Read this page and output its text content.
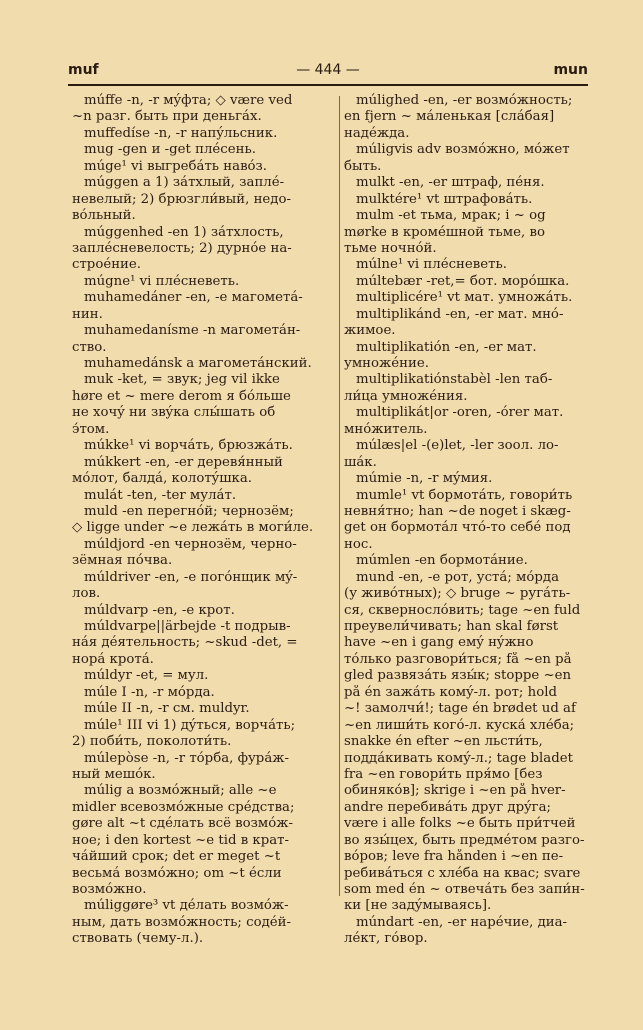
muf	— 444 —	mun
múffe -n, -r мýфта; ◇ være ved
~n разг. быть при деньгáх.
muffedíse -n, -r напýльсник.
mug -gen и -get плéсень.
múge¹ vi выгребáть навóз.
múggen a 1) зáтхлый, заплé-
невелый; 2) брюзгли́вый, недо-
вóльный.
múggenhed -en 1) зáтхлость,
заплéсневелость; 2) дурнóе на-
строéние.
múgne¹ vi плéсневеть.
muhamedáner -en, -e магометá-
нин.
muhamedanísme -n магометáн-
ство.
muhamedánsk a магометáнский.
muk -ket, = звук; jeg vil ikke
høre et ~ mere derom я бóльше
не хочý ни звýка слы́шать об
э́том.
múkke¹ vi ворчáть, брюзжáть.
múkkert -en, -er деревя́нный
мóлот, балдá, колотýшка.
mulát -ten, -ter мулáт.
muld -en перегнóй; чернозём;
◇ ligge under ~e лежáть в моги́ле.
múldjord -en чернозём, черно-
зёмная пóчва.
múldriver -en, -e погóнщик мý-
лов.
múldvarp -en, -e крот.
múldvarpe||ärbejde -t подрыв-
нáя дéятельность; ~skud -det, =
норá кротá.
múldyr -et, = мул.
múle I -n, -r мóрда.
múle II -n, -r см. muldyr.
múle¹ III vi 1) дýться, ворчáть;
2) поби́ть, поколоти́ть.
múlepòse -n, -r тóрба, фурáж-
ный мешóк.
múlig a возмóжный; alle ~e
midler всевозмóжные срéдства;
gøre alt ~t сдéлать всё возмóж-
ное; i den kortest ~e tid в крат-
чáйший срок; det er meget ~t
весьмá возмóжно; om ~t éсли
возмóжно.
múliggøre³ vt дéлать возмóж-
ным, дать возмóжность; содéй-
ствовать (чему-л.).
múlighed -en, -er возмóжность;
en fjern ~ мáленькая [слáбая]
надéжда.
múligvis adv возмóжно, мóжет
быть.
mulkt -en, -er штраф, пéня.
mulktére¹ vt штрафовáть.
mulm -et тьма, мрак; i ~ og
mørke в кромéшной тьме, во
тьме ночнóй.
múlne¹ vi плéсневеть.
múltebær -ret,= бот. морóшка.
multiplicére¹ vt мат. умножáть.
multiplikánd -en, -er мат. мнó-
жимое.
multiplikatión -en, -er мат.
умножéние.
multiplikatiónstabèl -len таб-
ли́ца умножéния.
multiplikát|or -oren, -órer мат.
мнóжитель.
múlæs|el -(e)let, -ler зоол. ло-
шáк.
múmie -n, -r мýмия.
mumle¹ vt бормотáть, говори́ть
невня́тно; han ~de noget i skæg-
get он бормотáл чтó-то себé под
нос.
múmlen -en бормотáние.
mund -en, -e рот, устá; мóрда
(у живóтных); ◇ bruge ~ ругáть-
ся, сквернослóвить; tage ~en fuld
преувели́чивать; han skal først
have ~en i gang емý нýжно
тóлько разговори́ться; få ~en på
gled развязáть язы́к; stoppe ~en
på én зажáть комý-л. рот; hold
~! замолчи́!; tage én brødet ud af
~en лиши́ть когó-л. куска́ хлéба;
snakke én efter ~en льсти́ть,
поддáкивать комý-л.; tage bladet
fra ~en говори́ть пря́мо [без
обиняко́в]; skrige i ~en på hver-
andre перебивáть друг дрýга;
være i alle folks ~e быть при́тчей
во язы́цех, быть предмéтом разго-
вóров; leve fra hånden i ~en пе-
ребивáться с хлéба на квас; svare
som med én ~ отвечáть без запи́н-
ки [не задýмываясь].
múndart -en, -er нарéчие, диа-
лéкт, гóвор.
